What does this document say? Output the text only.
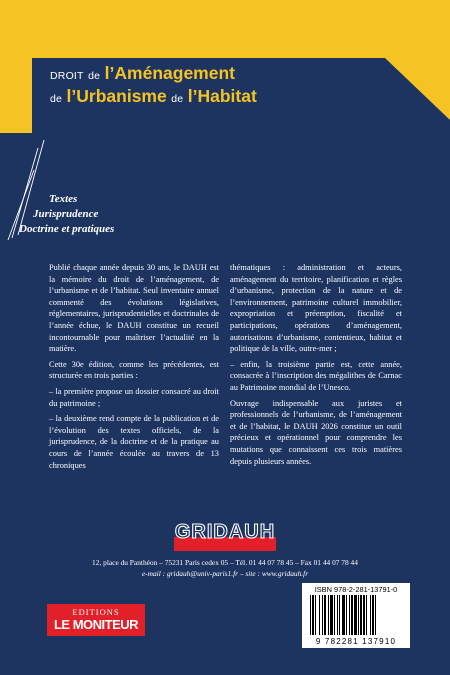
DROIT de l’Aménagement
de l’Urbanisme de l’Habitat
Textes
Jurisprudence
Doctrine et pratiques

Publié chaque année depuis 30 ans, le DAUH est la mémoire du droit de l’aménagement, de l’urbanisme et de l’habitat. Seul inventaire annuel commenté des évolutions législatives, réglementaires, jurisprudentielles et doctrinales de l’année échue, le DAUH constitue un recueil incontournable pour maîtriser l’actualité en la matière.

Cette 30e édition, comme les précédentes, est structurée en trois parties :

– la première propose un dossier consacré au droit du patrimoine ;

– la deuxième rend compte de la publication et de l’évolution des textes officiels, de la jurisprudence, de la doctrine et de la pratique au cours de l’année écoulée au travers de 13 chroniques

thématiques : administration et acteurs, aménagement du territoire, planification et règles d’urbanisme, protection de la nature et de l’environnement, patrimoine culturel immobilier, expropriation et préemption, fiscalité et participations, opérations d’aménagement, autorisations d’urbanisme, contentieux, habitat et politique de la ville, outre-mer ;

– enfin, la troisième partie est, cette année, consacrée à l’inscription des mégalithes de Carnac au Patrimoine mondial de l’Unesco.

Ouvrage indispensable aux juristes et professionnels de l’urbanisme, de l’aménagement et de l’habitat, le DAUH 2026 constitue un outil précieux et opérationnel pour comprendre les mutations que connaissent ces trois matières depuis plusieurs années.

GRIDAUH
12, place du Panthéon – 75231 Paris cedex 05 – Tél. 01 44 07 78 45 – Fax 01 44 07 78 44
e-mail : gridauh@univ-paris1.fr – site : www.gridauh.fr
EDITIONS
LE MONITEUR
ISBN 978-2-281-13791-0
9 782281 137910
